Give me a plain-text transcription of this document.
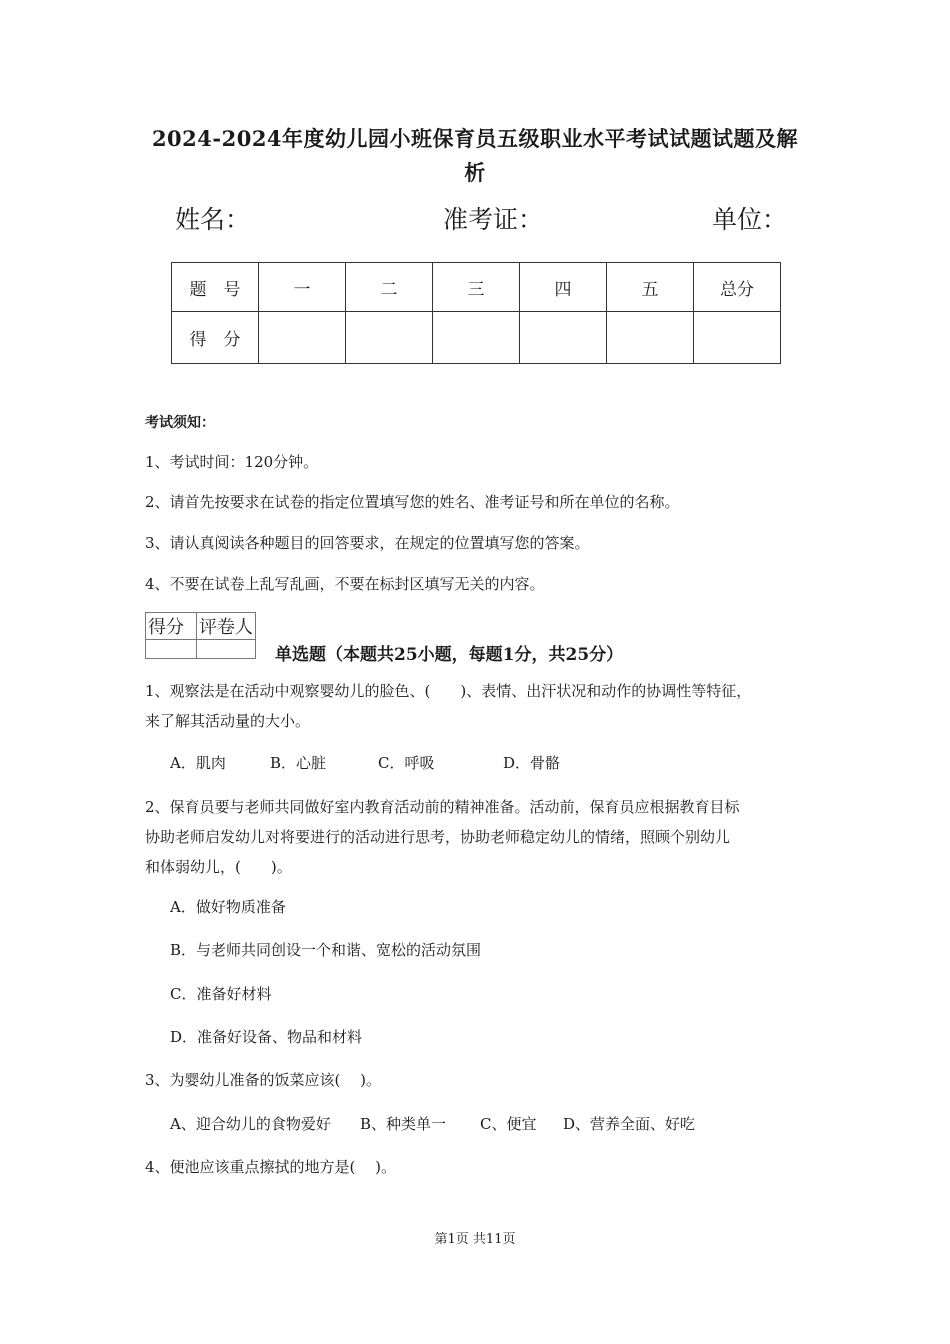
2024-2024年度幼儿园小班保育员五级职业水平考试试题试题及解
析
姓名：	准考证：	单位：
题　号	一	二	三	四	五	总分
得　分						
考试须知：
1、考试时间：120分钟。
2、请首先按要求在试卷的指定位置填写您的姓名、准考证号和所在单位的名称。
3、请认真阅读各种题目的回答要求，在规定的位置填写您的答案。
4、不要在试卷上乱写乱画，不要在标封区填写无关的内容。
得分	评卷人

单选题（本题共25小题，每题1分，共25分）
1、观察法是在活动中观察婴幼儿的脸色、(　　)、表情、出汗状况和动作的协调性等特征，
来了解其活动量的大小。
A．肌肉	B．心脏	C．呼吸	D．骨骼
2、保育员要与老师共同做好室内教育活动前的精神准备。活动前，保育员应根据教育目标
协助老师启发幼儿对将要进行的活动进行思考，协助老师稳定幼儿的情绪，照顾个别幼儿
和体弱幼儿，(　　)。
A．做好物质准备
B．与老师共同创设一个和谐、宽松的活动氛围
C．准备好材料
D．准备好设备、物品和材料
3、为婴幼儿准备的饭菜应该(　 )。
A、迎合幼儿的食物爱好 B、种类单一 C、便宜 D、营养全面、好吃
4、便池应该重点擦拭的地方是(　 )。
第1页 共11页
